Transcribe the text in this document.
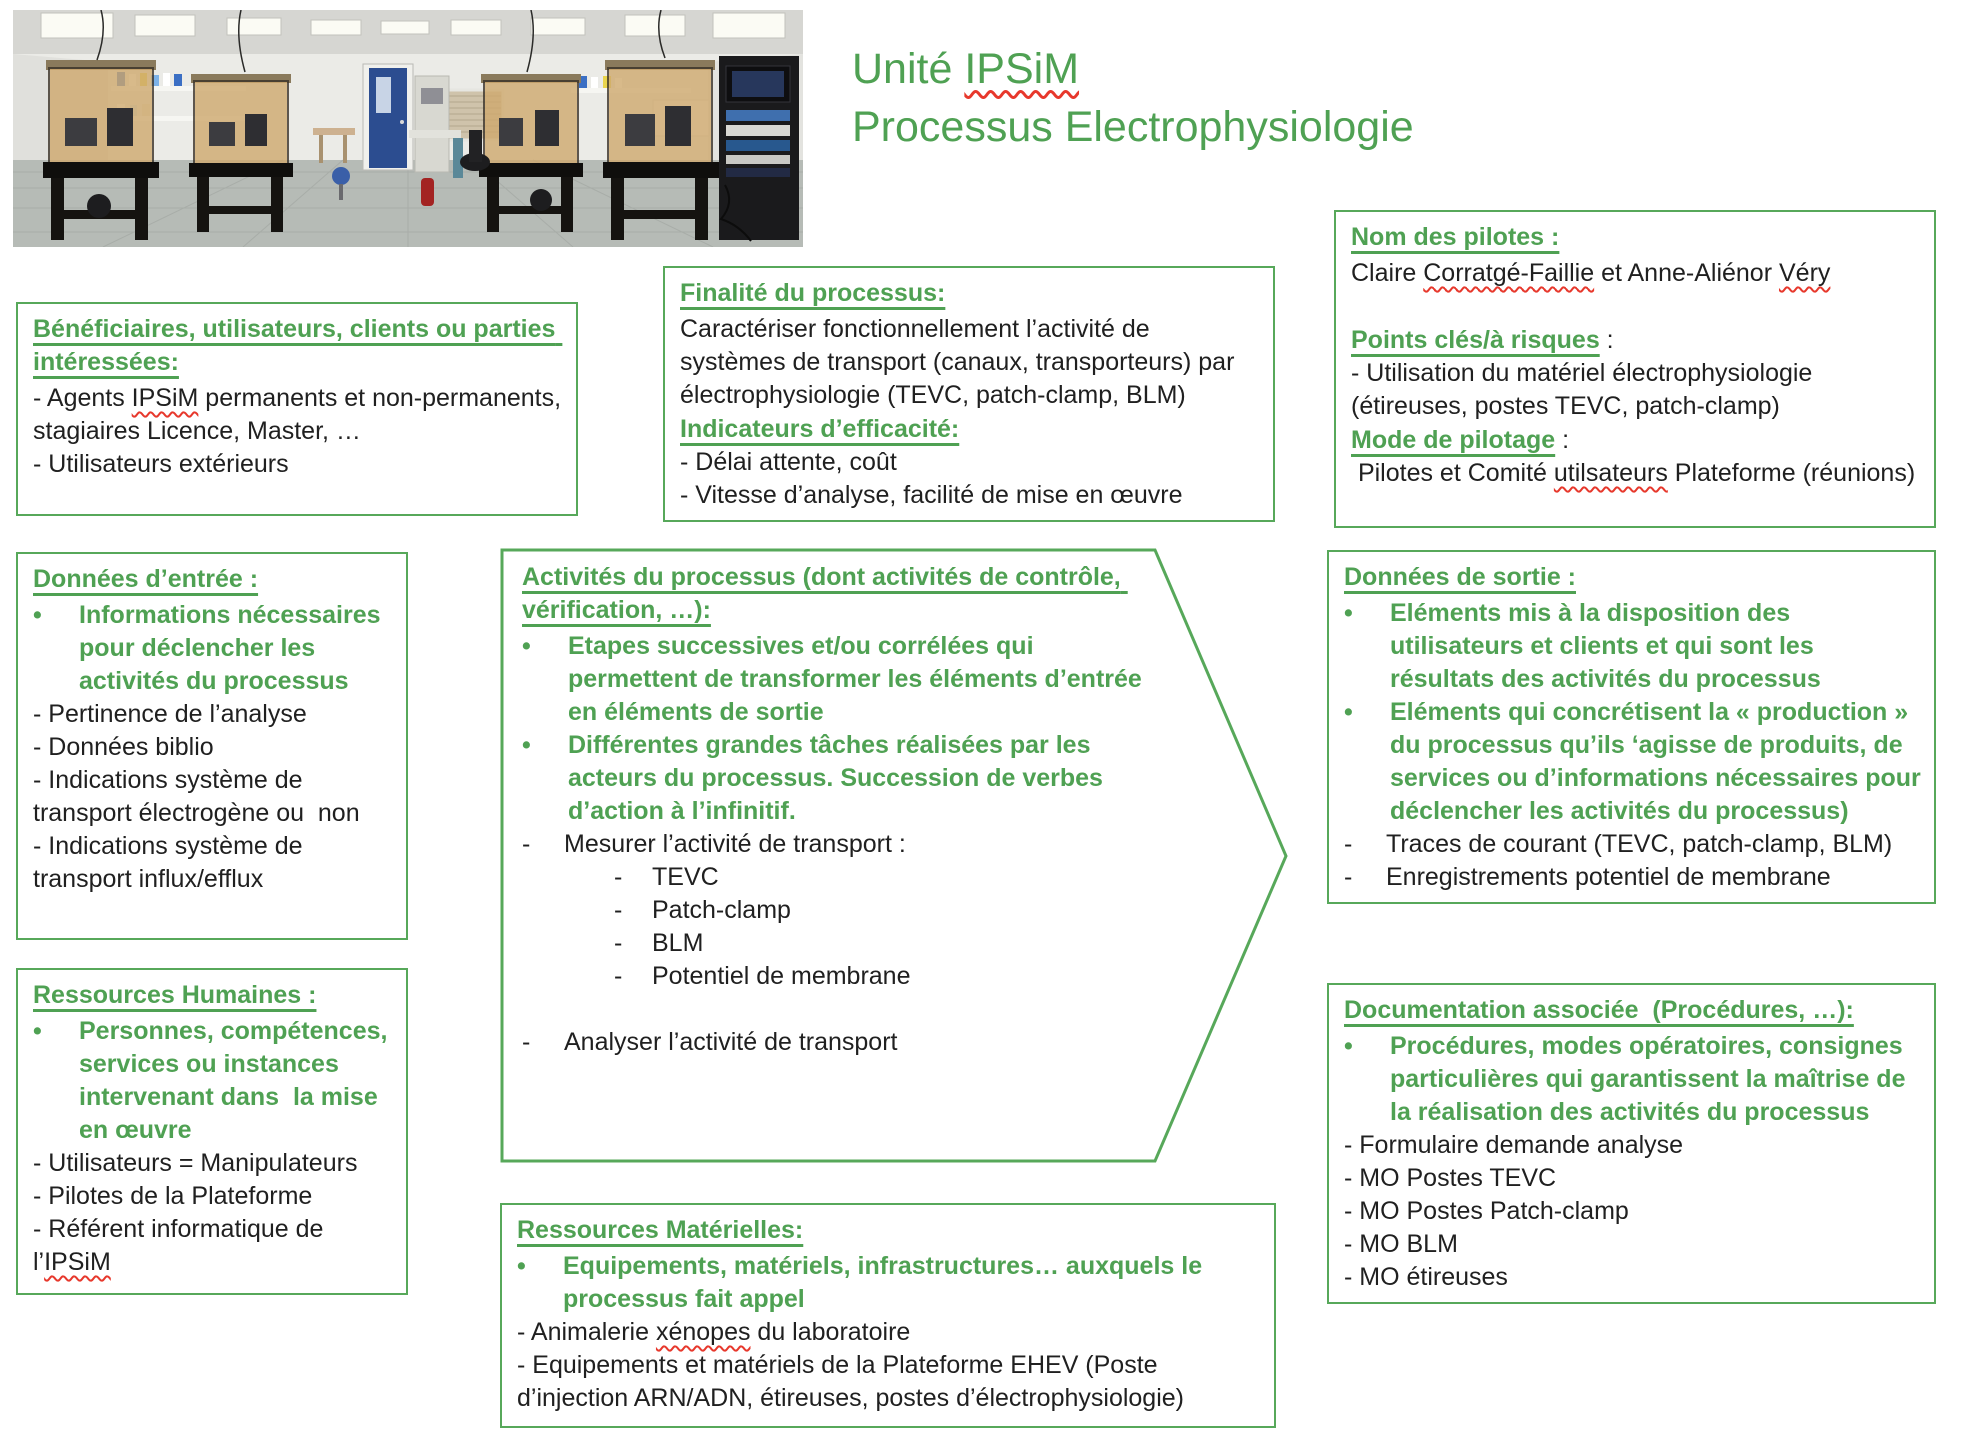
Unité IPSiM
Processus Electrophysiologie
Bénéficiaires, utilisateurs, clients ou parties intéressées:
- Agents IPSiM permanents et non-permanents, stagiaires Licence, Master, …
- Utilisateurs extérieurs
Données d’entrée :
•	Informations nécessaires pour déclencher les activités du processus
- Pertinence de l’analyse
- Données biblio
- Indications système de transport électrogène ou  non
- Indications système de transport influx/efflux
Ressources Humaines :
•	Personnes, compétences, services ou instances intervenant dans  la mise en œuvre
- Utilisateurs = Manipulateurs
- Pilotes de la Plateforme
- Référent informatique de l’IPSiM
Finalité du processus:
Caractériser fonctionnellement l’activité de systèmes de transport (canaux, transporteurs) par électrophysiologie (TEVC, patch-clamp, BLM)
Indicateurs d’efficacité:
- Délai attente, coût
- Vitesse d’analyse, facilité de mise en œuvre
Nom des pilotes :
Claire Corratgé-Faillie et Anne-Aliénor Véry
Points clés/à risques :
- Utilisation du matériel électrophysiologie (étireuses, postes TEVC, patch-clamp)
Mode de pilotage :
Pilotes et Comité utilsateurs Plateforme (réunions)
Activités du processus (dont activités de contrôle, vérification, …):
•	Etapes successives et/ou corrélées qui permettent de transformer les éléments d’entrée en éléments de sortie
•	Différentes grandes tâches réalisées par les acteurs du processus. Succession de verbes d’action à l’infinitif.
-	Mesurer l’activité de transport :
-	TEVC
-	Patch-clamp
-	BLM
-	Potentiel de membrane
-	Analyser l’activité de transport
Données de sortie :
•	Eléments mis à la disposition des utilisateurs et clients et qui sont les résultats des activités du processus
•	Eléments qui concrétisent la « production » du processus qu’ils ‘agisse de produits, de services ou d’informations nécessaires pour déclencher les activités du processus)
-	Traces de courant (TEVC, patch-clamp, BLM)
-	Enregistrements potentiel de membrane
Documentation associée  (Procédures, …):
•	Procédures, modes opératoires, consignes particulières qui garantissent la maîtrise de la réalisation des activités du processus
- Formulaire demande analyse
- MO Postes TEVC
- MO Postes Patch-clamp
- MO BLM
- MO étireuses
Ressources Matérielles:
•	Equipements, matériels, infrastructures… auxquels le processus fait appel
- Animalerie xénopes du laboratoire
- Equipements et matériels de la Plateforme EHEV (Poste d’injection ARN/ADN, étireuses, postes d’électrophysiologie)
